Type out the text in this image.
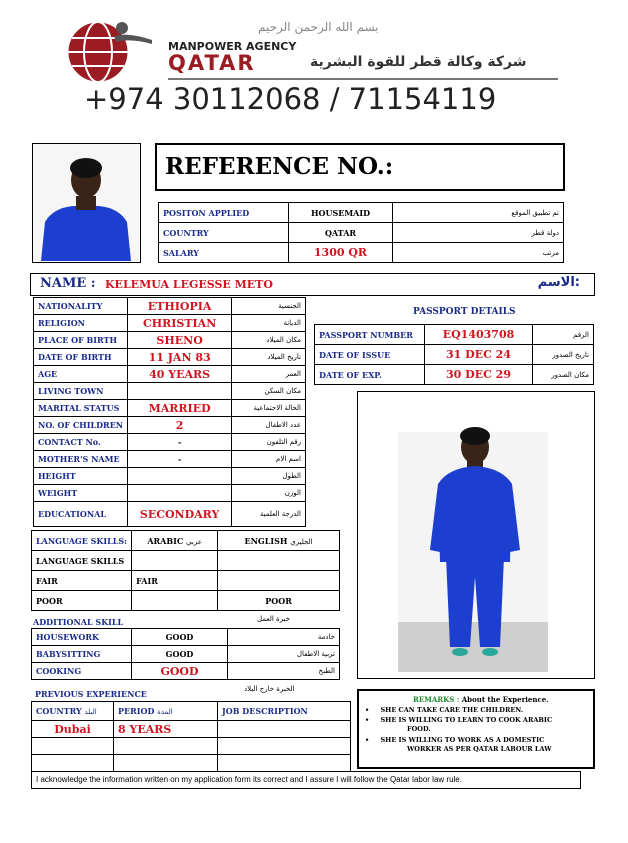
بسم الله الرحمن الرحيم
MANPOWER AGENCY
QATAR	شركة وكالة قطر للقوة البشرية
+974 30112068 / 71154119
REFERENCE NO.:
POSITON APPLIED	HOUSEMAID	تم تطبيق الموقع
COUNTRY	QATAR	دولة قطر
SALARY	1300 QR	مرتب
NAME : KELEMUA LEGESSE METO	الاسم:
NATIONALITY	ETHIOPIA	الجنسية
RELIGION	CHRISTIAN	الديانة
PLACE OF BIRTH	SHENO	مكان الميلاد
DATE OF BIRTH	11 JAN 83	تاريخ الميلاد
AGE	40 YEARS	العمر
LIVING TOWN		مكان السكن
MARITAL STATUS	MARRIED	الحالة الاجتماعية
NO. OF CHILDREN	2	عدد الاطفال
CONTACT No.	-	رقم التلفون
MOTHER'S NAME	-	اسم الام
HEIGHT		الطول
WEIGHT		الوزن
EDUCATIONAL	SECONDARY	الدرجة العلمية
PASSPORT DETAILS
PASSPORT NUMBER	EQ1403708	الرقم
DATE OF ISSUE	31 DEC 24	تاريخ الصدور
DATE OF EXP.	30 DEC 29	مكان الصدور
LANGUAGE SKILLS:	ARABIC عربي	ENGLISH الجليزي
LANGUAGE SKILLS		
FAIR	FAIR	
POOR		POOR
ADDITIONAL SKILL	خبرة العمل
HOUSEWORK	GOOD	خادمة
BABYSITTING	GOOD	تربية الاطفال
COOKING	GOOD	الطبخ
PREVIOUS EXPERIENCE	الخبرة خارج البلاد
COUNTRY البلد	PERIOD المدة	JOB DESCRIPTION
Dubai	8 YEARS	

REMARKS : About the Experience.
•     SHE CAN TAKE CARE THE CHILDREN.
•     SHE IS WILLING TO LEARN TO COOK ARABIC FOOD.
•     SHE IS WILLING TO WORK AS A DOMESTIC WORKER AS PER QATAR LABOUR LAW
I acknowledge the information written on my application form its correct and I assure I will follow the Qatar labor law rule.
